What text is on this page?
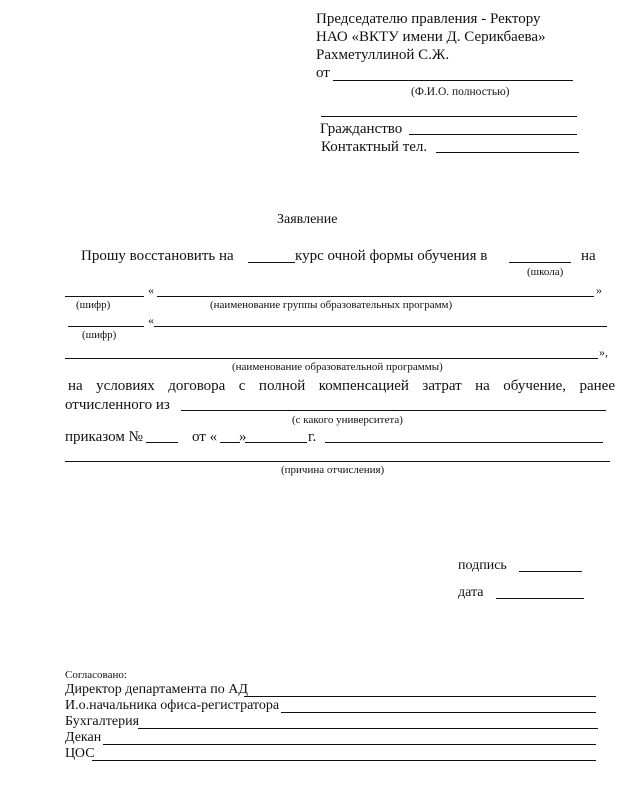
Председателю правления - Ректору
НАО «ВКТУ имени Д. Серикбаева»
Рахметуллиной С.Ж.
от
(Ф.И.О. полностью)
Гражданство
Контактный тел.
Заявление
Прошу восстановить на	курс очной формы обучения в	на
(школа)
«	»
(шифр)	(наименование группы образовательных программ)
«
(шифр)
»,
(наименование образовательной программы)
на условиях договора с полной компенсацией затрат на обучение, ранее
отчисленного из
(с какого университета)
приказом №	от « »	г.
(причина отчисления)
подпись
дата
Согласовано:
Директор департамента по АД
И.о.начальника офиса-регистратора
Бухгалтерия
Декан
ЦОС
